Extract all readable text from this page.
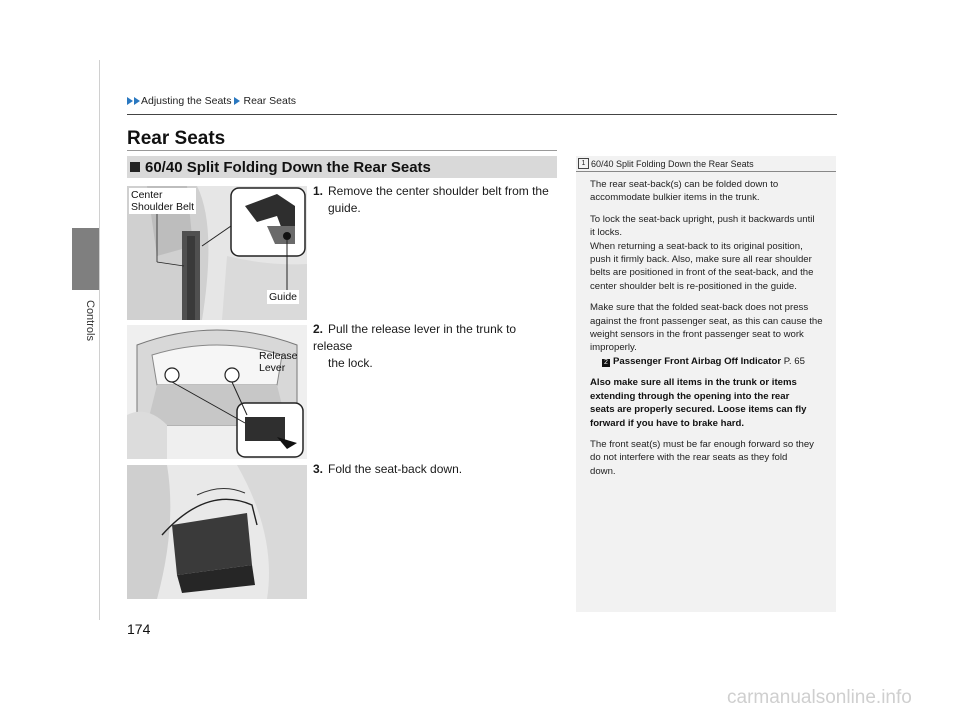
Controls
Adjusting the Seats Rear Seats
Rear Seats
60/40 Split Folding Down the Rear Seats
Center
Shoulder Belt
Guide
Release
Lever
1. Remove the center shoulder belt from the
guide.
2. Pull the release lever in the trunk to release
the lock.
3. Fold the seat-back down.
1 60/40 Split Folding Down the Rear Seats

The rear seat-back(s) can be folded down to

accommodate bulkier items in the trunk.

To lock the seat-back upright, push it backwards until

it locks.

When returning a seat-back to its original position,

push it firmly back. Also, make sure all rear shoulder

belts are positioned in front of the seat-back, and the

center shoulder belt is re-positioned in the guide.

Make sure that the folded seat-back does not press

against the front passenger seat, as this can cause the

weight sensors in the front passenger seat to work

improperly.

2 Passenger Front Airbag Off Indicator P. 65

Also make sure all items in the trunk or items

extending through the opening into the rear

seats are properly secured. Loose items can fly

forward if you have to brake hard.

The front seat(s) must be far enough forward so they

do not interfere with the rear seats as they fold

down.

174
carmanualsonline.info
